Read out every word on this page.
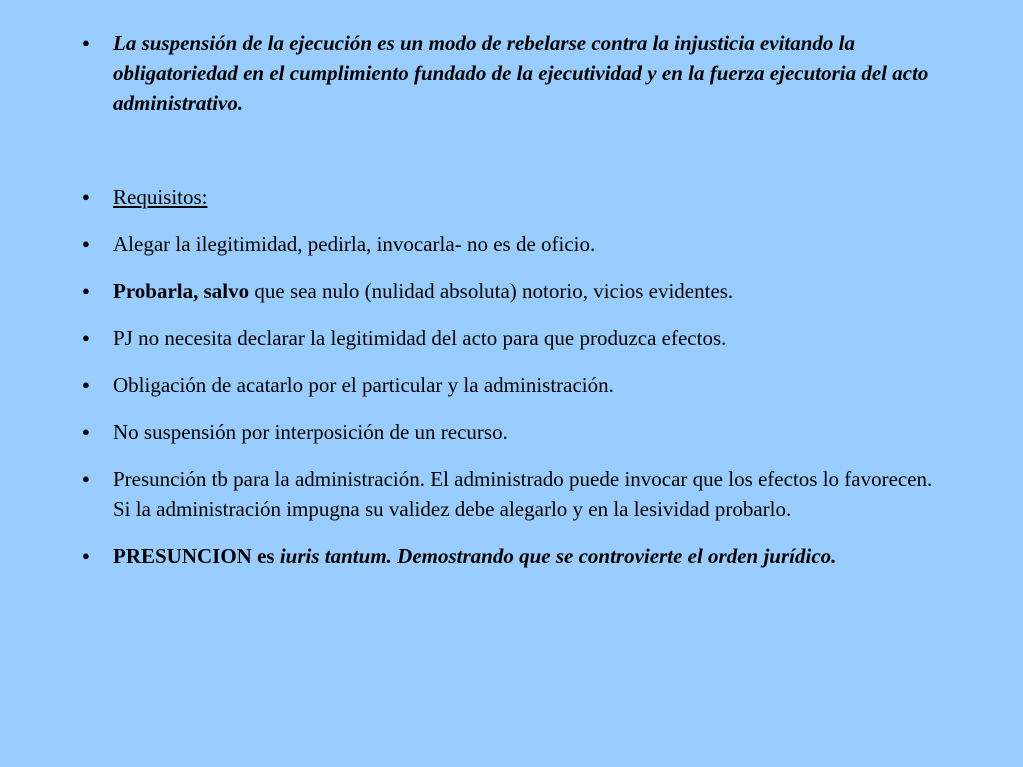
● La suspensión de la ejecución es un modo de rebelarse contra la injusticia evitando la obligatoriedad en el cumplimiento fundado de la ejecutividad y en la fuerza ejecutoria del acto administrativo.
● Requisitos:
● Alegar la ilegitimidad, pedirla, invocarla- no es de oficio.
● Probarla, salvo que sea nulo (nulidad absoluta) notorio, vicios evidentes.
● PJ no necesita declarar la legitimidad del acto para que produzca efectos.
● Obligación de acatarlo por el particular y la administración.
● No suspensión por interposición de un recurso.
● Presunción tb para la administración. El administrado puede invocar que los efectos lo favorecen. Si la administración impugna su validez debe alegarlo y en la lesividad probarlo.
● PRESUNCION es iuris tantum. Demostrando que se controvierte el orden jurídico.
